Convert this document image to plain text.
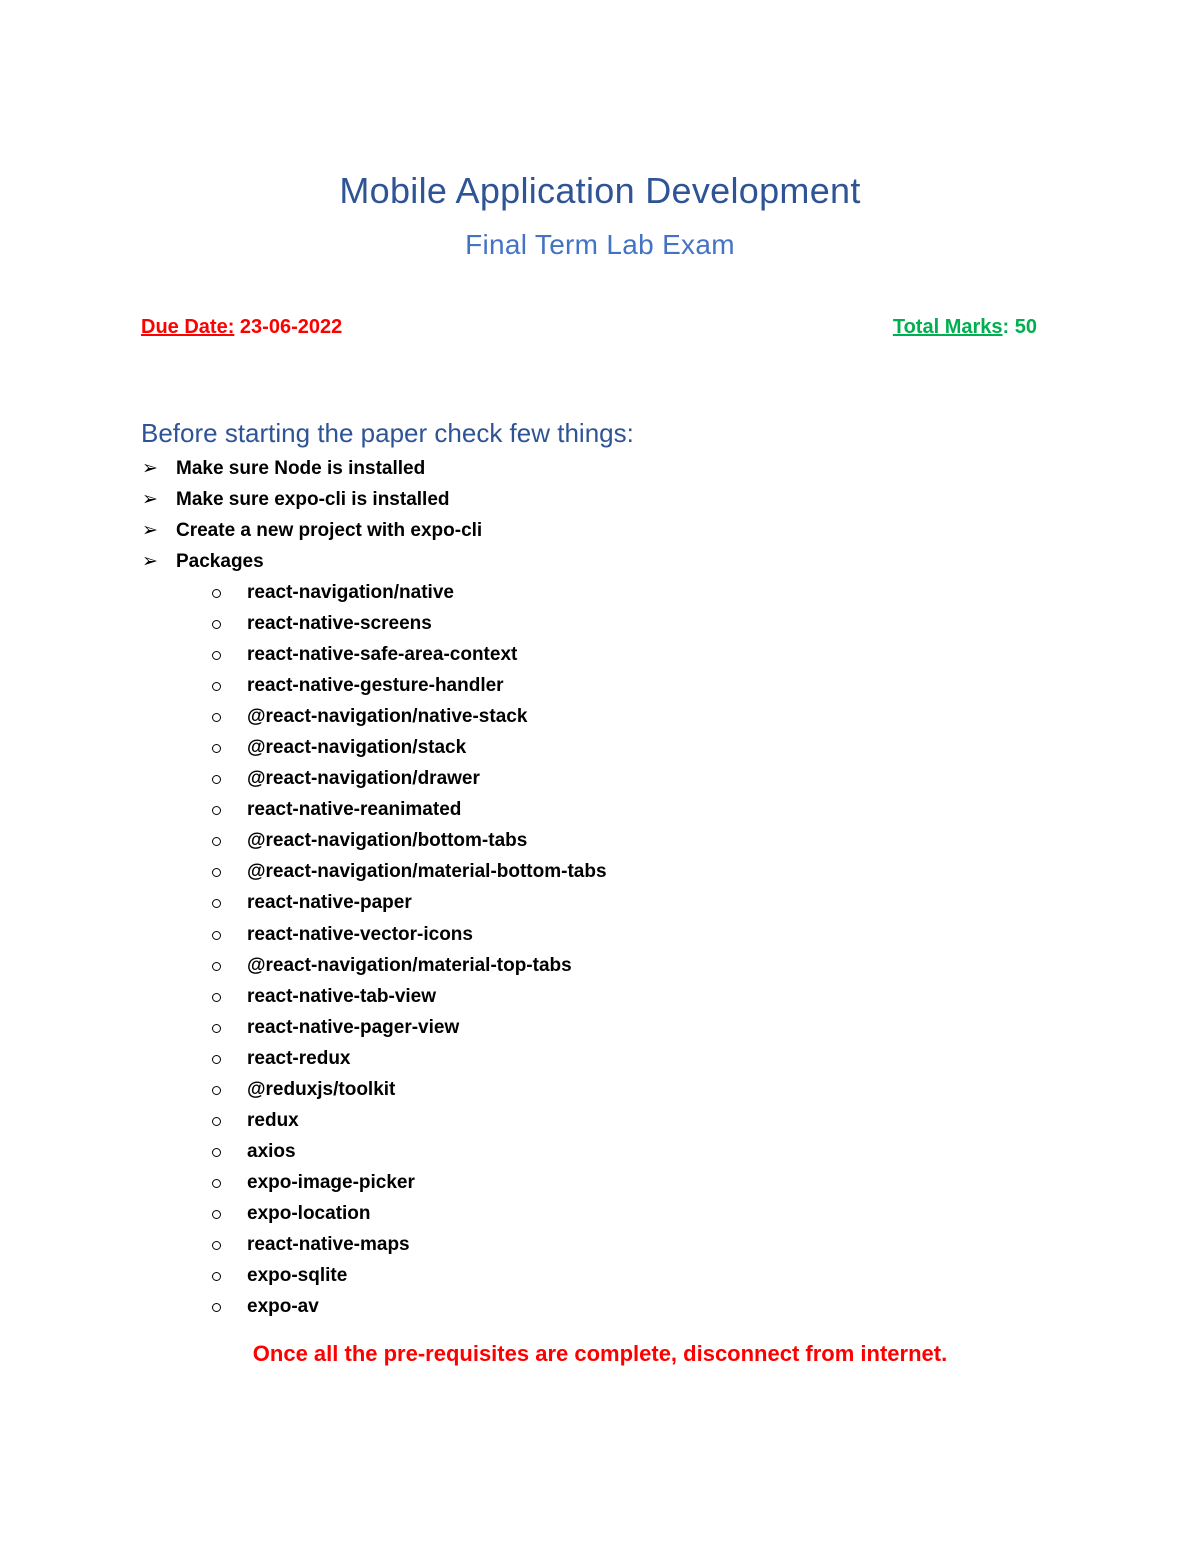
Mobile Application Development
Final Term Lab Exam
Due Date: 23-06-2022	Total Marks: 50
Before starting the paper check few things:
➢ Make sure Node is installed
➢ Make sure expo-cli is installed
➢ Create a new project with expo-cli
➢ Packages
react-navigation/native
react-native-screens
react-native-safe-area-context
react-native-gesture-handler
@react-navigation/native-stack
@react-navigation/stack
@react-navigation/drawer
react-native-reanimated
@react-navigation/bottom-tabs
@react-navigation/material-bottom-tabs
react-native-paper
react-native-vector-icons
@react-navigation/material-top-tabs
react-native-tab-view
react-native-pager-view
react-redux
@reduxjs/toolkit
redux
axios
expo-image-picker
expo-location
react-native-maps
expo-sqlite
expo-av
Once all the pre-requisites are complete, disconnect from internet.
